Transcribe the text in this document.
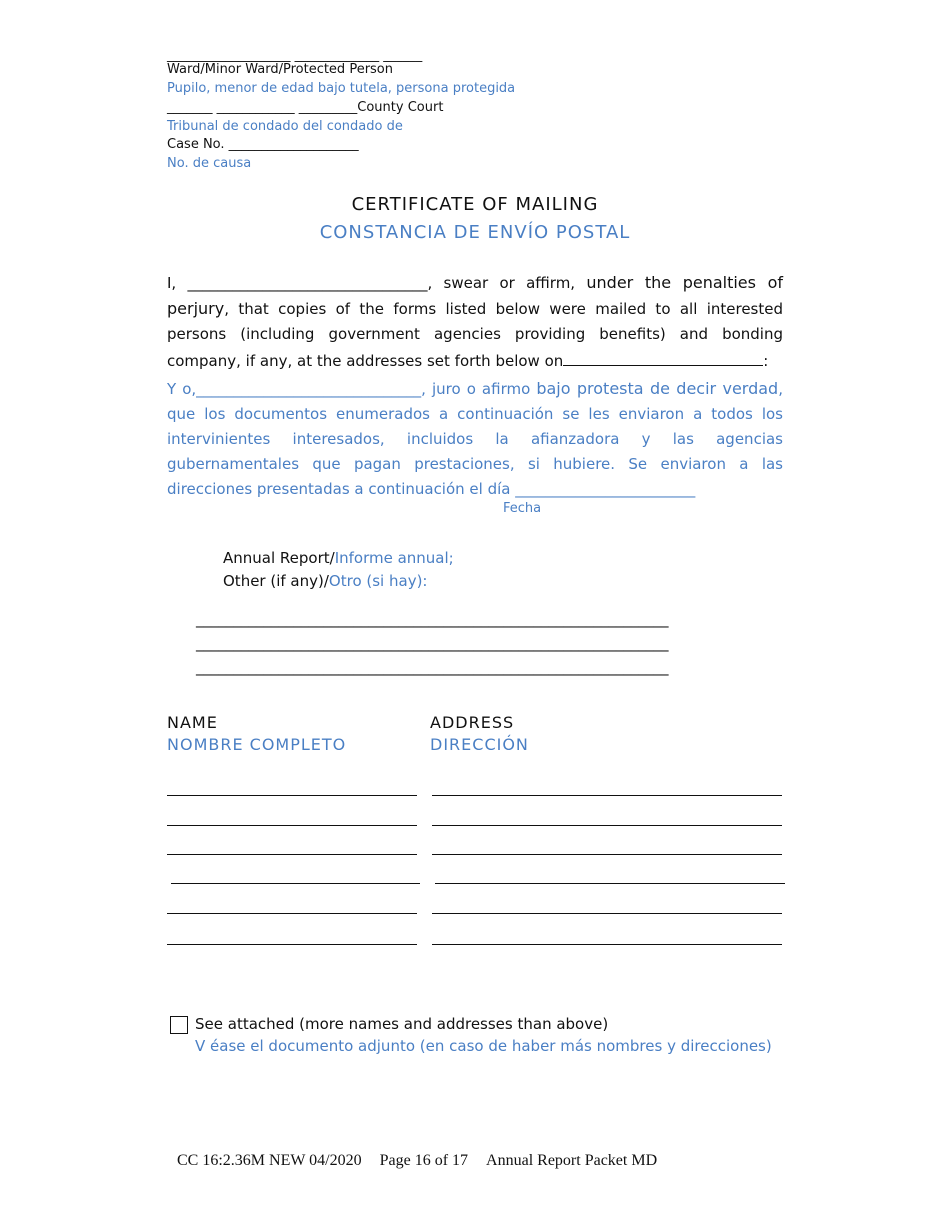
___________________ _____________ ______
Ward/Minor Ward/Protected Person
Pupilo, menor de edad bajo tutela, persona protegida
_______ ____________ _________County Court
Tribunal de condado del condado de
Case No. ____________________
No. de causa
CERTIFICATE OF MAILING
CONSTANCIA DE ENVÍO POSTAL
I, ________________________________, swear or affirm, under the penalties of perjury, that copies of the forms listed below were mailed to all interested persons (including government agencies providing benefits) and bonding company, if any, at the addresses set forth below on	:
Y o,______________________________, juro o afirmo bajo protesta de decir verdad, que los documentos enumerados a continuación se les enviaron a todos los intervinientes interesados, incluidos la afianzadora y las agencias gubernamentales que pagan prestaciones, si hubiere. Se enviaron a las direcciones presentadas a continuación el día ________________________
Fecha
Annual Report/Informe annual;
Other (if any)/Otro (si hay):
_______________________________________________________________
_______________________________________________________________
_______________________________________________________________
NAME
NOMBRE COMPLETO
ADDRESS
DIRECCIÓN
See attached (more names and addresses than above)
V éase el documento adjunto (en caso de haber más nombres y direcciones)
CC 16:2.36M NEW 04/2020 Page 16 of 17 Annual Report Packet MD
